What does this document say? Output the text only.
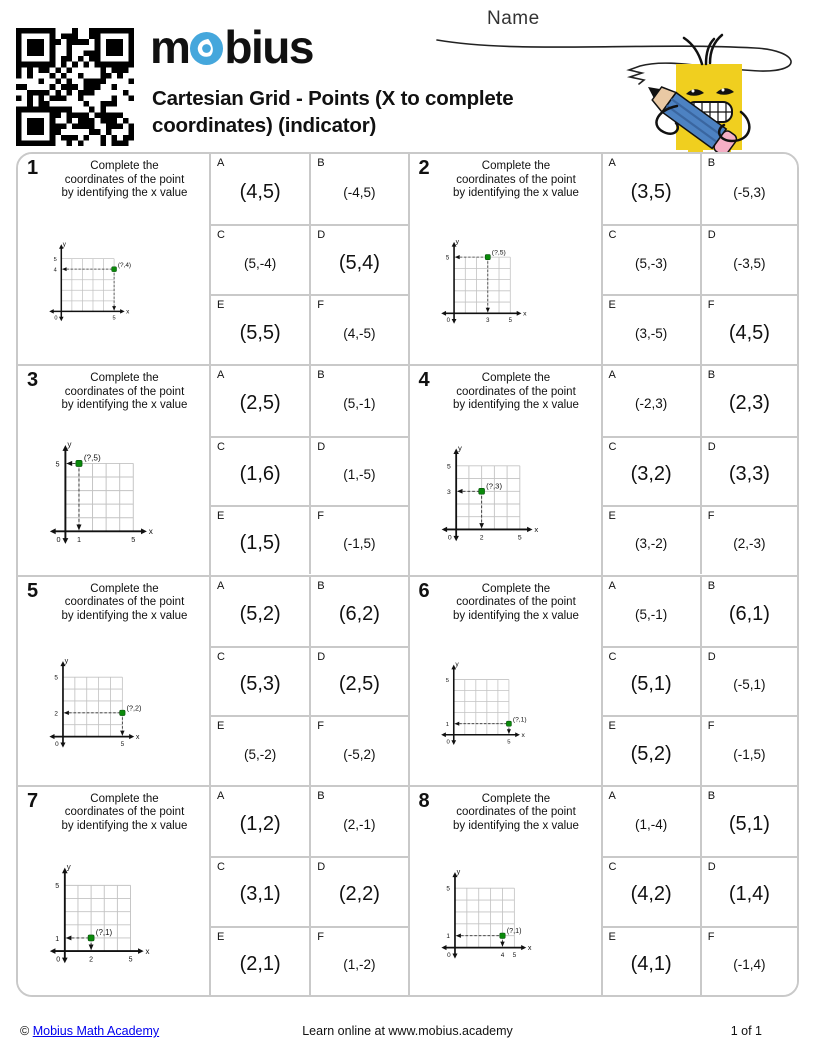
m bius
Cartesian Grid - Points (X to complete coordinates) (indicator)
Name
1	Complete the
coordinates of the point
by identifying the x value
y
x
0
5
4
5
(?,4)
A
(4,5)
B
(-4,5)
C
(5,-4)
D
(5,4)
E
(5,5)
F
(4,-5)
2	Complete the
coordinates of the point
by identifying the x value
y
x
0
5
3	5
(?,5)
A
(3,5)
B
(-5,3)
C
(5,-3)
D
(-3,5)
E
(3,-5)
F
(4,5)
3	Complete the
coordinates of the point
by identifying the x value
y
x
0
5
1	5
(?,5)
A
(2,5)
B
(5,-1)
C
(1,6)
D
(1,-5)
E
(1,5)
F
(-1,5)
4	Complete the
coordinates of the point
by identifying the x value
y
x
0
5
3
2	5
(?,3)
A
(-2,3)
B
(2,3)
C
(3,2)
D
(3,3)
E
(3,-2)
F
(2,-3)
5	Complete the
coordinates of the point
by identifying the x value
y
x
0
5
2
5
(?,2)
A
(5,2)
B
(6,2)
C
(5,3)
D
(2,5)
E
(5,-2)
F
(-5,2)
6	Complete the
coordinates of the point
by identifying the x value
y
x
0
5
1
5
(?,1)
A
(5,-1)
B
(6,1)
C
(5,1)
D
(-5,1)
E
(5,2)
F
(-1,5)
7	Complete the
coordinates of the point
by identifying the x value
y
x
0
5
1
2	5
(?,1)
A
(1,2)
B
(2,-1)
C
(3,1)
D
(2,2)
E
(2,1)
F
(1,-2)
8	Complete the
coordinates of the point
by identifying the x value
y
x
0
5
1
4 5
(?,1)
A
(1,-4)
B
(5,1)
C
(4,2)
D
(1,4)
E
(4,1)
F
(-1,4)
© Mobius Math Academy	Learn online at www.mobius.academy	1 of 1
